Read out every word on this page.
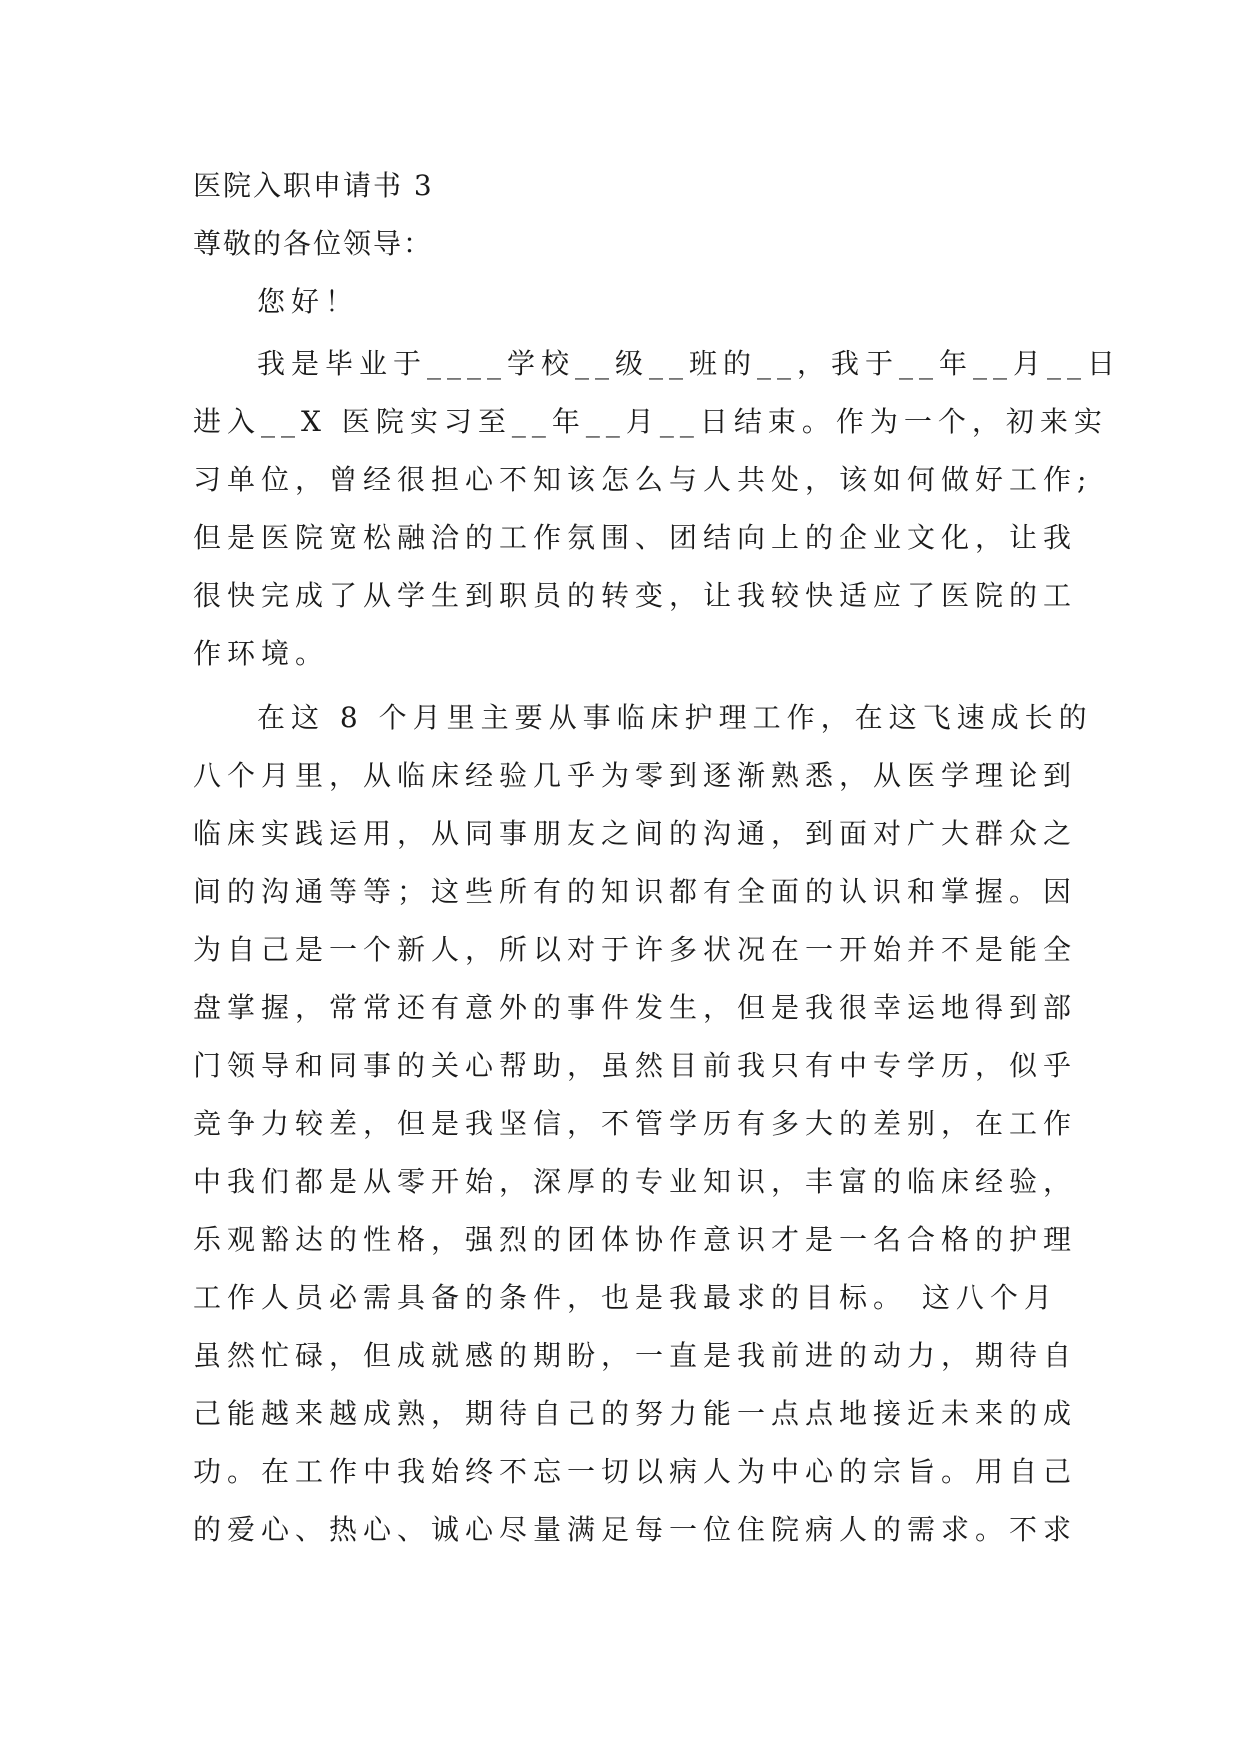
医院入职申请书 3
尊敬的各位领导：
您好！
我是毕业于____学校__级__班的__，我于__年__月__日
进入__X 医院实习至__年__月__日结束。作为一个，初来实
习单位，曾经很担心不知该怎么与人共处，该如何做好工作;
但是医院宽松融洽的工作氛围、团结向上的企业文化，让我
很快完成了从学生到职员的转变，让我较快适应了医院的工
作环境。
在这 8 个月里主要从事临床护理工作，在这飞速成长的
八个月里，从临床经验几乎为零到逐渐熟悉，从医学理论到
临床实践运用，从同事朋友之间的沟通，到面对广大群众之
间的沟通等等；这些所有的知识都有全面的认识和掌握。因
为自己是一个新人，所以对于许多状况在一开始并不是能全
盘掌握，常常还有意外的事件发生，但是我很幸运地得到部
门领导和同事的关心帮助，虽然目前我只有中专学历，似乎
竞争力较差，但是我坚信，不管学历有多大的差别，在工作
中我们都是从零开始，深厚的专业知识，丰富的临床经验，
乐观豁达的性格，强烈的团体协作意识才是一名合格的护理
工作人员必需具备的条件，也是我最求的目标。 这八个月
虽然忙碌，但成就感的期盼，一直是我前进的动力，期待自
己能越来越成熟，期待自己的努力能一点点地接近未来的成
功。在工作中我始终不忘一切以病人为中心的宗旨。用自己
的爱心、热心、诚心尽量满足每一位住院病人的需求。不求
